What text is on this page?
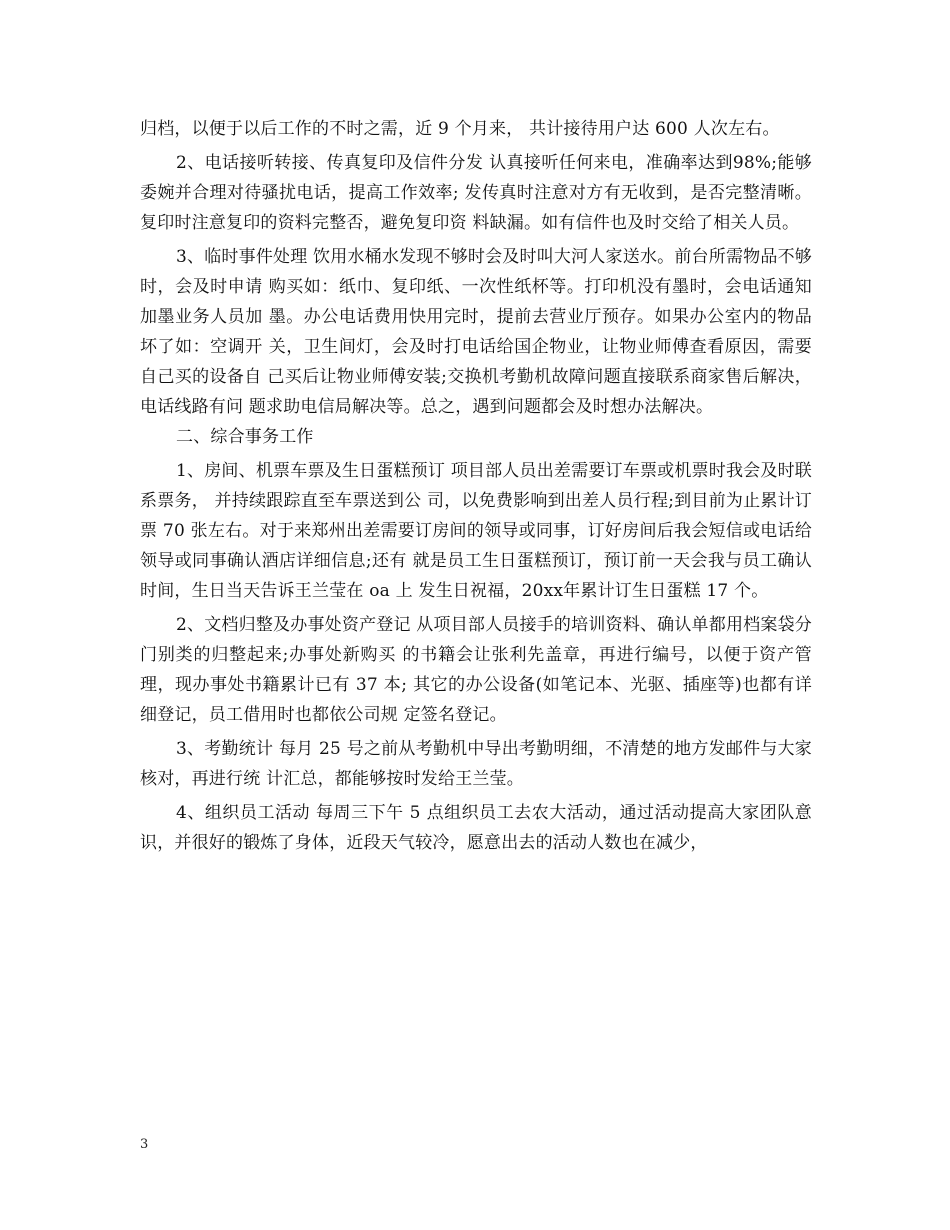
归档，以便于以后工作的不时之需，近 9 个月来， 共计接待用户达 600 人次左右。

2、电话接听转接、传真复印及信件分发 认真接听任何来电，准确率达到98%;能够委婉并合理对待骚扰电话，提高工作效率; 发传真时注意对方有无收到，是否完整清晰。复印时注意复印的资料完整否，避免复印资 料缺漏。如有信件也及时交给了相关人员。

3、临时事件处理 饮用水桶水发现不够时会及时叫大河人家送水。前台所需物品不够时，会及时申请 购买如：纸巾、复印纸、一次性纸杯等。打印机没有墨时，会电话通知加墨业务人员加 墨。办公电话费用快用完时，提前去营业厅预存。如果办公室内的物品坏了如：空调开 关，卫生间灯，会及时打电话给国企物业，让物业师傅查看原因，需要自己买的设备自 己买后让物业师傅安装;交换机考勤机故障问题直接联系商家售后解决，电话线路有问 题求助电信局解决等。总之，遇到问题都会及时想办法解决。

二、综合事务工作

1、房间、机票车票及生日蛋糕预订 项目部人员出差需要订车票或机票时我会及时联系票务， 并持续跟踪直至车票送到公 司，以免费影响到出差人员行程;到目前为止累计订票 70 张左右。对于来郑州出差需要订房间的领导或同事，订好房间后我会短信或电话给领导或同事确认酒店详细信息;还有 就是员工生日蛋糕预订，预订前一天会我与员工确认时间，生日当天告诉王兰莹在 oa 上 发生日祝福，20xx年累计订生日蛋糕 17 个。

2、文档归整及办事处资产登记 从项目部人员接手的培训资料、确认单都用档案袋分门别类的归整起来;办事处新购买 的书籍会让张利先盖章，再进行编号，以便于资产管理，现办事处书籍累计已有 37 本; 其它的办公设备(如笔记本、光驱、插座等)也都有详细登记，员工借用时也都依公司规 定签名登记。

3、考勤统计 每月 25 号之前从考勤机中导出考勤明细，不清楚的地方发邮件与大家核对，再进行统 计汇总，都能够按时发给王兰莹。

4、组织员工活动 每周三下午 5 点组织员工去农大活动，通过活动提高大家团队意识，并很好的锻炼了身体，近段天气较冷，愿意出去的活动人数也在减少，

3
